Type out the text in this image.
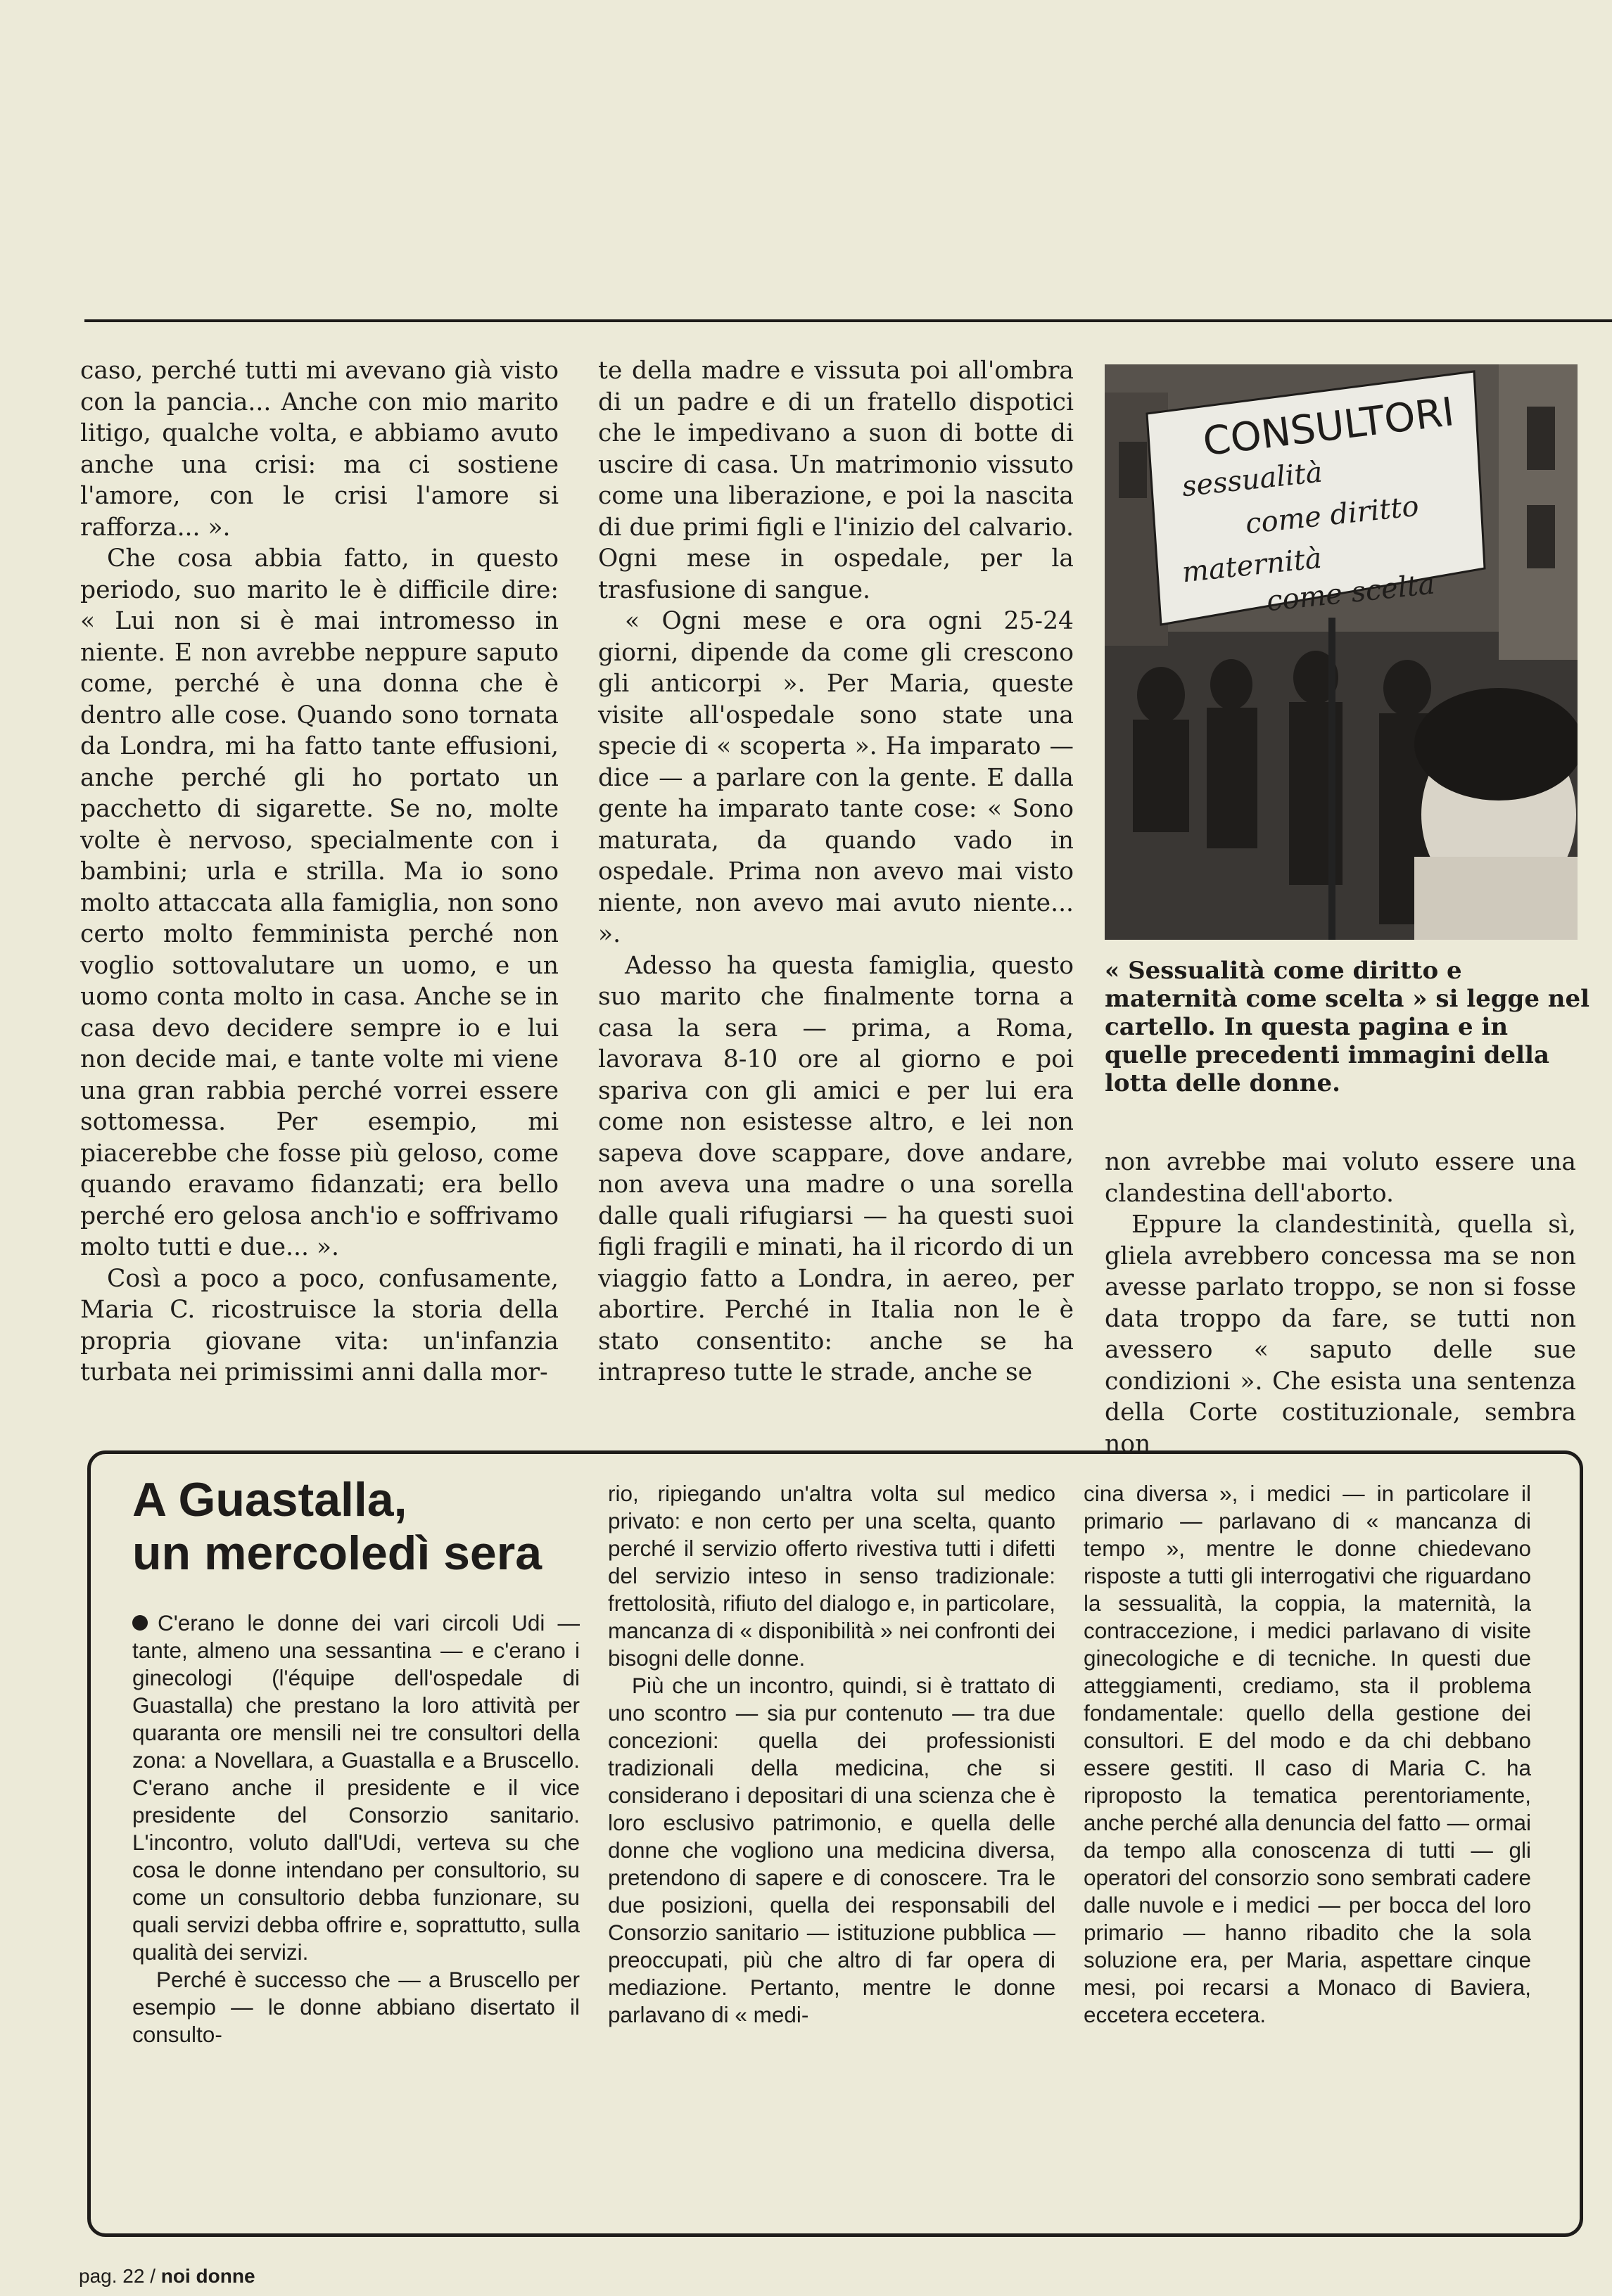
caso, perché tutti mi avevano già visto con la pancia... Anche con mio marito litigo, qualche volta, e abbiamo avuto anche una crisi: ma ci sostiene l'amore, con le crisi l'amore si rafforza... ».

Che cosa abbia fatto, in questo periodo, suo marito le è difficile dire: « Lui non si è mai intromesso in niente. E non avrebbe neppure saputo come, perché è una donna che è dentro alle cose. Quando sono tornata da Londra, mi ha fatto tante effusioni, anche perché gli ho portato un pacchetto di sigarette. Se no, molte volte è nervoso, specialmente con i bambini; urla e strilla. Ma io sono molto attaccata alla famiglia, non sono certo molto femminista perché non voglio sottovalutare un uomo, e un uomo conta molto in casa. Anche se in casa devo decidere sempre io e lui non decide mai, e tante volte mi viene una gran rabbia perché vorrei essere sottomessa. Per esempio, mi piacerebbe che fosse più geloso, come quando eravamo fidanzati; era bello perché ero gelosa anch'io e soffrivamo molto tutti e due... ».

Così a poco a poco, confusamente, Maria C. ricostruisce la storia della propria giovane vita: un'infanzia turbata nei primissimi anni dalla mor-

te della madre e vissuta poi all'ombra di un padre e di un fratello dispotici che le impedivano a suon di botte di uscire di casa. Un matrimonio vissuto come una liberazione, e poi la nascita di due primi figli e l'inizio del calvario. Ogni mese in ospedale, per la trasfusione di sangue.

« Ogni mese e ora ogni 25-24 giorni, dipende da come gli crescono gli anticorpi ». Per Maria, queste visite all'ospedale sono state una specie di « scoperta ». Ha imparato — dice — a parlare con la gente. E dalla gente ha imparato tante cose: « Sono maturata, da quando vado in ospedale. Prima non avevo mai visto niente, non avevo mai avuto niente... ».

Adesso ha questa famiglia, questo suo marito che finalmente torna a casa la sera — prima, a Roma, lavorava 8-10 ore al giorno e poi spariva con gli amici e per lui era come non esistesse altro, e lei non sapeva dove scappare, dove andare, non aveva una madre o una sorella dalle quali rifugiarsi — ha questi suoi figli fragili e minati, ha il ricordo di un viaggio fatto a Londra, in aereo, per abortire. Perché in Italia non le è stato consentito: anche se ha intrapreso tutte le strade, anche se

CONSULTORI
sessualità
come diritto
maternità
come scelta
« Sessualità come diritto e maternità come scelta » si legge nel cartello. In questa pagina e in quelle precedenti immagini della lotta delle donne.

non avrebbe mai voluto essere una clandestina dell'aborto.

Eppure la clandestinità, quella sì, gliela avrebbero concessa ma se non avesse parlato troppo, se non si fosse data troppo da fare, se tutti non avessero « saputo delle sue condizioni ». Che esista una sentenza della Corte costituzionale, sembra non

A Guastalla,
un mercoledì sera

C'erano le donne dei vari circoli Udi — tante, almeno una sessantina — e c'erano i ginecologi (l'équipe dell'ospedale di Guastalla) che prestano la loro attività per quaranta ore mensili nei tre consultori della zona: a Novellara, a Guastalla e a Bruscello. C'erano anche il presidente e il vice presidente del Consorzio sanitario. L'incontro, voluto dall'Udi, verteva su che cosa le donne intendano per consultorio, su come un consultorio debba funzionare, su quali servizi debba offrire e, soprattutto, sulla qualità dei servizi.

Perché è successo che — a Bruscello per esempio — le donne abbiano disertato il consulto-

rio, ripiegando un'altra volta sul medico privato: e non certo per una scelta, quanto perché il servizio offerto rivestiva tutti i difetti del servizio inteso in senso tradizionale: frettolosità, rifiuto del dialogo e, in particolare, mancanza di « disponibilità » nei confronti dei bisogni delle donne.

Più che un incontro, quindi, si è trattato di uno scontro — sia pur contenuto — tra due concezioni: quella dei professionisti tradizionali della medicina, che si considerano i depositari di una scienza che è loro esclusivo patrimonio, e quella delle donne che vogliono una medicina diversa, pretendono di sapere e di conoscere. Tra le due posizioni, quella dei responsabili del Consorzio sanitario — istituzione pubblica — preoccupati, più che altro di far opera di mediazione. Pertanto, mentre le donne parlavano di « medi-

cina diversa », i medici — in particolare il primario — parlavano di « mancanza di tempo », mentre le donne chiedevano risposte a tutti gli interrogativi che riguardano la sessualità, la coppia, la maternità, la contraccezione, i medici parlavano di visite ginecologiche e di tecniche. In questi due atteggiamenti, crediamo, sta il problema fondamentale: quello della gestione dei consultori. E del modo e da chi debbano essere gestiti. Il caso di Maria C. ha riproposto la tematica perentoriamente, anche perché alla denuncia del fatto — ormai da tempo alla conoscenza di tutti — gli operatori del consorzio sono sembrati cadere dalle nuvole e i medici — per bocca del loro primario — hanno ribadito che la sola soluzione era, per Maria, aspettare cinque mesi, poi recarsi a Monaco di Baviera, eccetera eccetera.

pag. 22 / noi donne
